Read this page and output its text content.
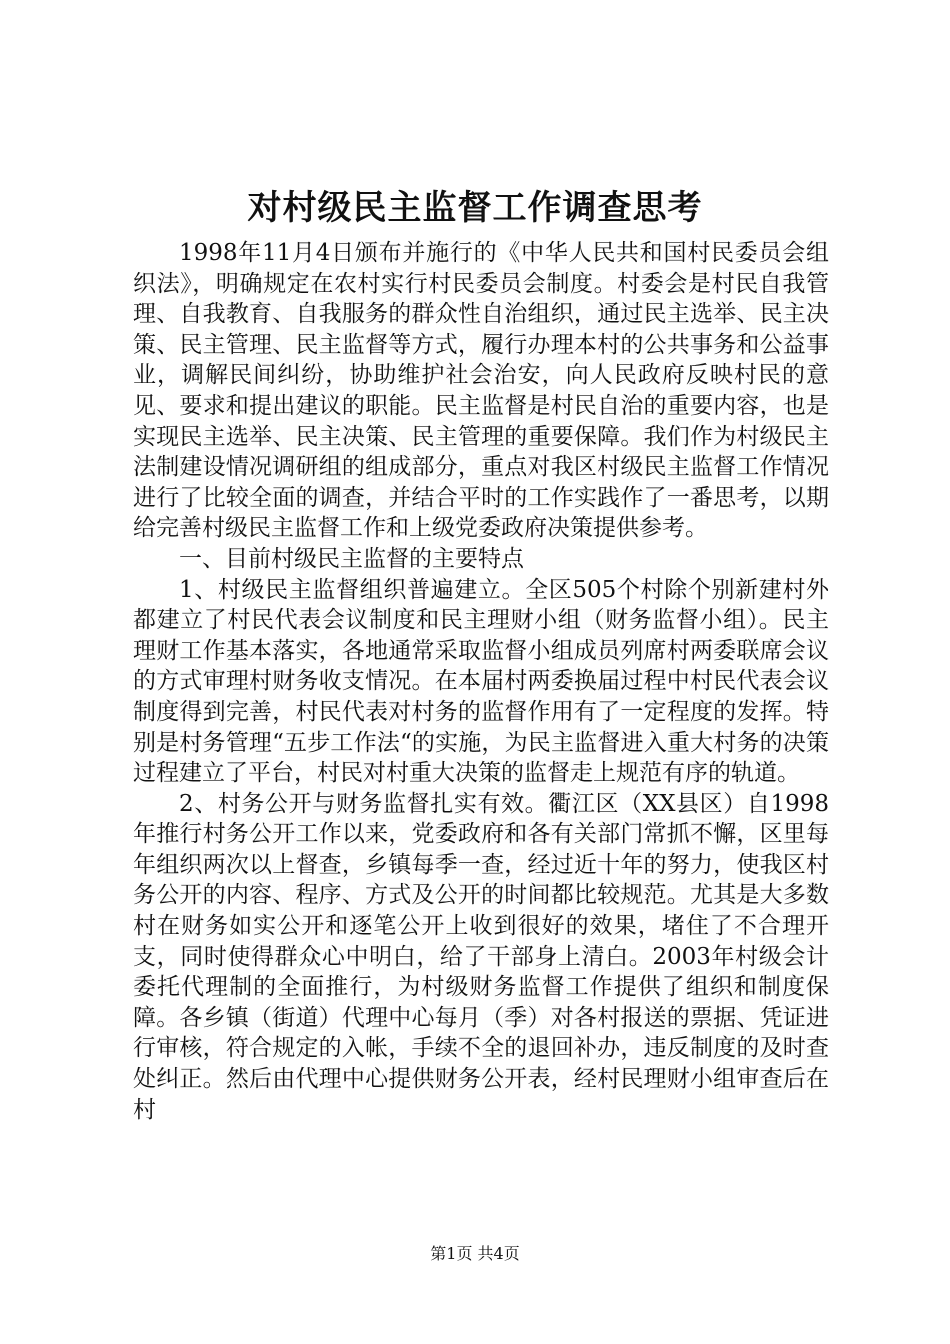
对村级民主监督工作调查思考

1998年11月4日颁布并施行的《中华人民共和国村民委员会组织法》，明确规定在农村实行村民委员会制度。村委会是村民自我管理、自我教育、自我服务的群众性自治组织，通过民主选举、民主决策、民主管理、民主监督等方式，履行办理本村的公共事务和公益事业，调解民间纠纷，协助维护社会治安，向人民政府反映村民的意见、要求和提出建议的职能。民主监督是村民自治的重要内容，也是实现民主选举、民主决策、民主管理的重要保障。我们作为村级民主法制建设情况调研组的组成部分，重点对我区村级民主监督工作情况进行了比较全面的调查，并结合平时的工作实践作了一番思考，以期给完善村级民主监督工作和上级党委政府决策提供参考。

一、目前村级民主监督的主要特点

1、村级民主监督组织普遍建立。全区505个村除个别新建村外都建立了村民代表会议制度和民主理财小组（财务监督小组）。民主理财工作基本落实，各地通常采取监督小组成员列席村两委联席会议的方式审理村财务收支情况。在本届村两委换届过程中村民代表会议制度得到完善，村民代表对村务的监督作用有了一定程度的发挥。特别是村务管理“五步工作法“的实施，为民主监督进入重大村务的决策过程建立了平台，村民对村重大决策的监督走上规范有序的轨道。

2、村务公开与财务监督扎实有效。衢江区（XX县区）自1998年推行村务公开工作以来，党委政府和各有关部门常抓不懈，区里每年组织两次以上督查，乡镇每季一查，经过近十年的努力，使我区村务公开的内容、程序、方式及公开的时间都比较规范。尤其是大多数村在财务如实公开和逐笔公开上收到很好的效果，堵住了不合理开支，同时使得群众心中明白，给了干部身上清白。2003年村级会计委托代理制的全面推行，为村级财务监督工作提供了组织和制度保障。各乡镇（街道）代理中心每月（季）对各村报送的票据、凭证进行审核，符合规定的入帐，手续不全的退回补办，违反制度的及时查处纠正。然后由代理中心提供财务公开表，经村民理财小组审查后在村

第1页 共4页
